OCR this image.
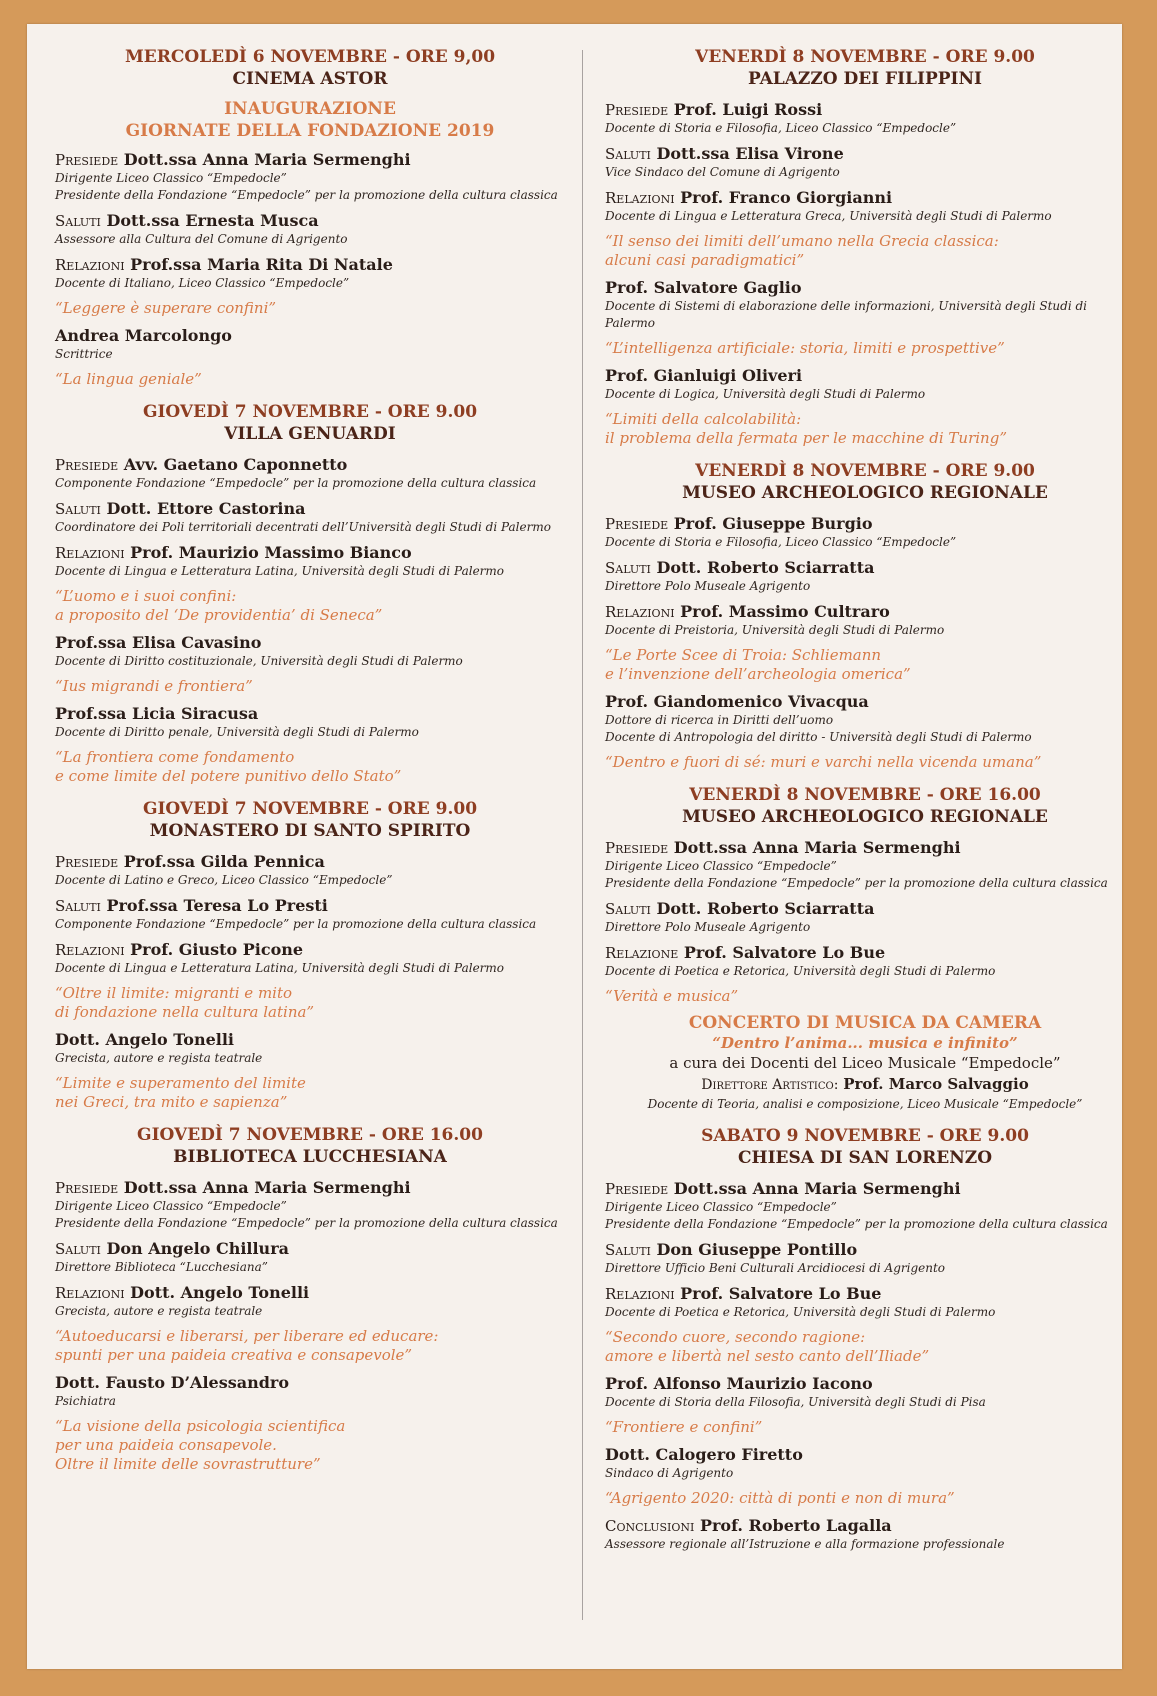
MERCOLEDÌ 6 NOVEMBRE - ORE 9,00
CINEMA ASTOR
INAUGURAZIONE
GIORNATE DELLA FONDAZIONE 2019
Presiede Dott.ssa Anna Maria Sermenghi
Dirigente Liceo Classico “Empedocle”
Presidente della Fondazione “Empedocle” per la promozione della cultura classica
Saluti Dott.ssa Ernesta Musca
Assessore alla Cultura del Comune di Agrigento
Relazioni Prof.ssa Maria Rita Di Natale
Docente di Italiano, Liceo Classico “Empedocle”
“Leggere è superare confini”
Andrea Marcolongo
Scrittrice
“La lingua geniale”
GIOVEDÌ 7 NOVEMBRE - ORE 9.00
VILLA GENUARDI
Presiede Avv. Gaetano Caponnetto
Componente Fondazione “Empedocle” per la promozione della cultura classica
Saluti Dott. Ettore Castorina
Coordinatore dei Poli territoriali decentrati dell’Università degli Studi di Palermo
Relazioni Prof. Maurizio Massimo Bianco
Docente di Lingua e Letteratura Latina, Università degli Studi di Palermo
“L’uomo e i suoi confini:
a proposito del ‘De providentia’ di Seneca”
Prof.ssa Elisa Cavasino
Docente di Diritto costituzionale, Università degli Studi di Palermo
“Ius migrandi e frontiera”
Prof.ssa Licia Siracusa
Docente di Diritto penale, Università degli Studi di Palermo
“La frontiera come fondamento
e come limite del potere punitivo dello Stato”
GIOVEDÌ 7 NOVEMBRE - ORE 9.00
MONASTERO DI SANTO SPIRITO
Presiede Prof.ssa Gilda Pennica
Docente di Latino e Greco, Liceo Classico “Empedocle”
Saluti Prof.ssa Teresa Lo Presti
Componente Fondazione “Empedocle” per la promozione della cultura classica
Relazioni Prof. Giusto Picone
Docente di Lingua e Letteratura Latina, Università degli Studi di Palermo
“Oltre il limite: migranti e mito
di fondazione nella cultura latina”
Dott. Angelo Tonelli
Grecista, autore e regista teatrale
“Limite e superamento del limite
nei Greci, tra mito e sapienza”
GIOVEDÌ 7 NOVEMBRE - ORE 16.00
BIBLIOTECA LUCCHESIANA
Presiede Dott.ssa Anna Maria Sermenghi
Dirigente Liceo Classico “Empedocle”
Presidente della Fondazione “Empedocle” per la promozione della cultura classica
Saluti Don Angelo Chillura
Direttore Biblioteca “Lucchesiana”
Relazioni Dott. Angelo Tonelli
Grecista, autore e regista teatrale
“Autoeducarsi e liberarsi, per liberare ed educare:
spunti per una paideia creativa e consapevole”
Dott. Fausto D’Alessandro
Psichiatra
“La visione della psicologia scientifica
per una paideia consapevole.
Oltre il limite delle sovrastrutture”
VENERDÌ 8 NOVEMBRE - ORE 9.00
PALAZZO DEI FILIPPINI
Presiede Prof. Luigi Rossi
Docente di Storia e Filosofia, Liceo Classico “Empedocle”
Saluti Dott.ssa Elisa Virone
Vice Sindaco del Comune di Agrigento
Relazioni Prof. Franco Giorgianni
Docente di Lingua e Letteratura Greca, Università degli Studi di Palermo
“Il senso dei limiti dell’umano nella Grecia classica:
alcuni casi paradigmatici”
Prof. Salvatore Gaglio
Docente di Sistemi di elaborazione delle informazioni, Università degli Studi di Palermo
“L’intelligenza artificiale: storia, limiti e prospettive”
Prof. Gianluigi Oliveri
Docente di Logica, Università degli Studi di Palermo
“Limiti della calcolabilità:
il problema della fermata per le macchine di Turing”
VENERDÌ 8 NOVEMBRE - ORE 9.00
MUSEO ARCHEOLOGICO REGIONALE
Presiede Prof. Giuseppe Burgio
Docente di Storia e Filosofia, Liceo Classico “Empedocle”
Saluti Dott. Roberto Sciarratta
Direttore Polo Museale Agrigento
Relazioni Prof. Massimo Cultraro
Docente di Preistoria, Università degli Studi di Palermo
“Le Porte Scee di Troia: Schliemann
e l’invenzione dell’archeologia omerica”
Prof. Giandomenico Vivacqua
Dottore di ricerca in Diritti dell’uomo
Docente di Antropologia del diritto - Università degli Studi di Palermo
“Dentro e fuori di sé: muri e varchi nella vicenda umana”
VENERDÌ 8 NOVEMBRE - ORE 16.00
MUSEO ARCHEOLOGICO REGIONALE
Presiede Dott.ssa Anna Maria Sermenghi
Dirigente Liceo Classico “Empedocle”
Presidente della Fondazione “Empedocle” per la promozione della cultura classica
Saluti Dott. Roberto Sciarratta
Direttore Polo Museale Agrigento
Relazione Prof. Salvatore Lo Bue
Docente di Poetica e Retorica, Università degli Studi di Palermo
“Verità e musica”
CONCERTO DI MUSICA DA CAMERA
“Dentro l’anima... musica e infinito”
a cura dei Docenti del Liceo Musicale “Empedocle”
Direttore Artistico: Prof. Marco Salvaggio
Docente di Teoria, analisi e composizione, Liceo Musicale “Empedocle”
SABATO 9 NOVEMBRE - ORE 9.00
CHIESA DI SAN LORENZO
Presiede Dott.ssa Anna Maria Sermenghi
Dirigente Liceo Classico “Empedocle”
Presidente della Fondazione “Empedocle” per la promozione della cultura classica
Saluti Don Giuseppe Pontillo
Direttore Ufficio Beni Culturali Arcidiocesi di Agrigento
Relazioni Prof. Salvatore Lo Bue
Docente di Poetica e Retorica, Università degli Studi di Palermo
“Secondo cuore, secondo ragione:
amore e libertà nel sesto canto dell’Iliade”
Prof. Alfonso Maurizio Iacono
Docente di Storia della Filosofia, Università degli Studi di Pisa
“Frontiere e confini”
Dott. Calogero Firetto
Sindaco di Agrigento
“Agrigento 2020: città di ponti e non di mura”
Conclusioni Prof. Roberto Lagalla
Assessore regionale all’Istruzione e alla formazione professionale
